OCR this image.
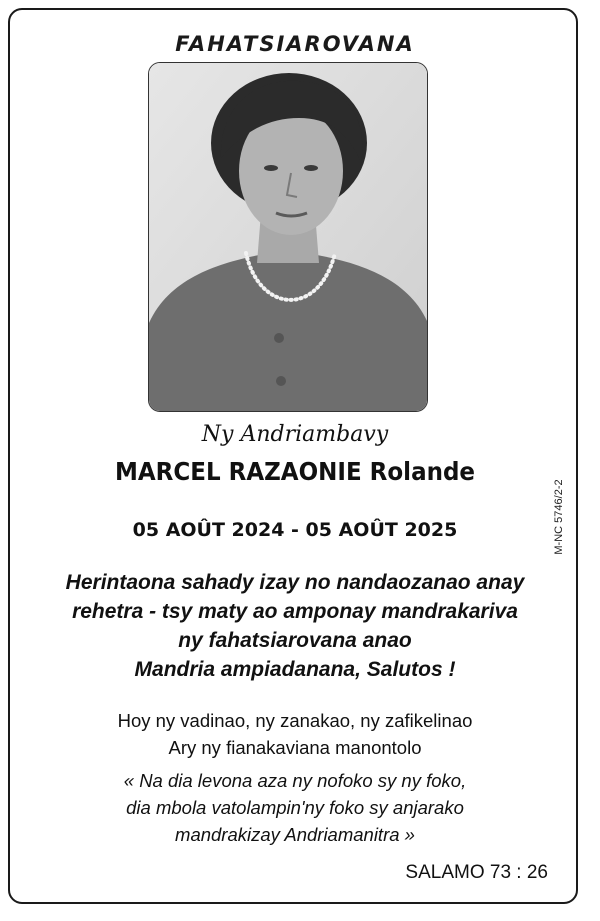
FAHATSIAROVANA
Ny Andriambavy
MARCEL RAZAONIE Rolande
05 AOÛT 2024 - 05 AOÛT 2025	M-NC 5746/2-2
Herintaona sahady izay no nandaozanao anay
rehetra - tsy maty ao amponay mandrakariva
ny fahatsiarovana anao
Mandria ampiadanana, Salutos !
Hoy ny vadinao, ny zanakao, ny zafikelinao
Ary ny fianakaviana manontolo
« Na dia levona aza ny nofoko sy ny foko,
dia mbola vatolampin'ny foko sy anjarako
mandrakizay Andriamanitra »
SALAMO 73 : 26
